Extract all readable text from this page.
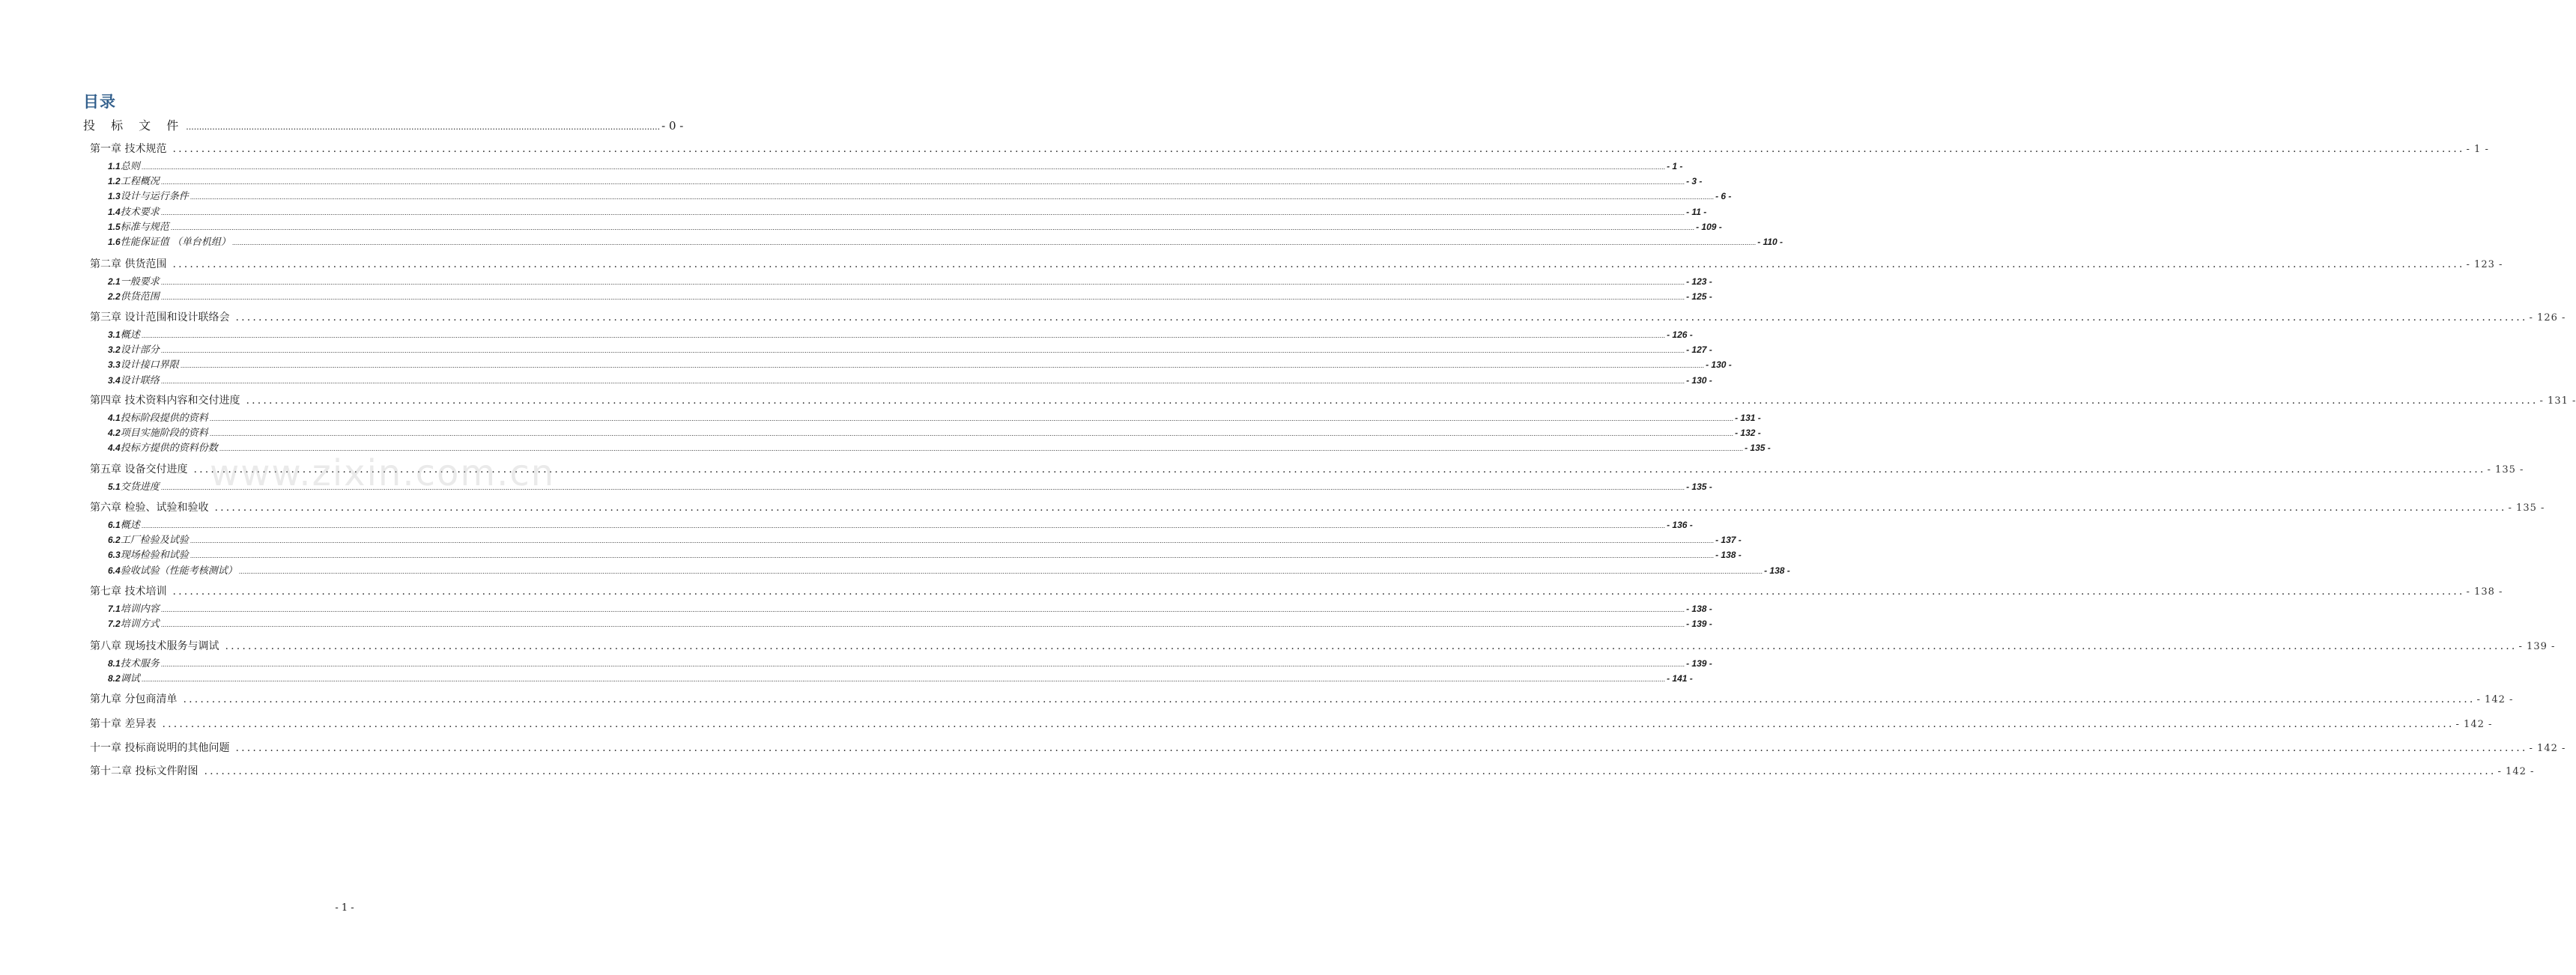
目录
投 标 文 件 ..................................................................................................................................................................................... - 0 -
第一章 技术规范 ................................................................................................................................................................................................................................................................................................................................................................................................................ - 1 -
1.1 总则 ................................................................................................................................................................................................................................................................................................................................................................................................................................................................................................................................................................................................................................................................................................................................................................................................................................ - 1 -
1.2 工程概况 ................................................................................................................................................................................................................................................................................................................................................................................................................................................................................................................................................................................................................................................................................................................................................................................................................................ - 3 -
1.3 设计与运行条件 ................................................................................................................................................................................................................................................................................................................................................................................................................................................................................................................................................................................................................................................................................................................................................................................................................................ - 6 -
1.4 技术要求 ................................................................................................................................................................................................................................................................................................................................................................................................................................................................................................................................................................................................................................................................................................................................................................................................................................ - 11 -
1.5 标准与规范 ................................................................................................................................................................................................................................................................................................................................................................................................................................................................................................................................................................................................................................................................................................................................................................................................................................ - 109 -
1.6 性能保证值 （单台机组） ................................................................................................................................................................................................................................................................................................................................................................................................................................................................................................................................................................................................................................................................................................................................................................................................................................ - 110 -
第二章 供货范围 ................................................................................................................................................................................................................................................................................................................................................................................................................ - 123 -
2.1 一般要求 ................................................................................................................................................................................................................................................................................................................................................................................................................................................................................................................................................................................................................................................................................................................................................................................................................................ - 123 -
2.2 供货范围 ................................................................................................................................................................................................................................................................................................................................................................................................................................................................................................................................................................................................................................................................................................................................................................................................................................ - 125 -
第三章 设计范围和设计联络会 ................................................................................................................................................................................................................................................................................................................................................................................................................ - 126 -
3.1 概述 ................................................................................................................................................................................................................................................................................................................................................................................................................................................................................................................................................................................................................................................................................................................................................................................................................................ - 126 -
3.2 设计部分 ................................................................................................................................................................................................................................................................................................................................................................................................................................................................................................................................................................................................................................................................................................................................................................................................................................ - 127 -
3.3 设计接口界限 ................................................................................................................................................................................................................................................................................................................................................................................................................................................................................................................................................................................................................................................................................................................................................................................................................................ - 130 -
3.4 设计联络 ................................................................................................................................................................................................................................................................................................................................................................................................................................................................................................................................................................................................................................................................................................................................................................................................................................ - 130 -
第四章 技术资料内容和交付进度 ................................................................................................................................................................................................................................................................................................................................................................................................................ - 131 -
4.1 投标阶段提供的资料 ................................................................................................................................................................................................................................................................................................................................................................................................................................................................................................................................................................................................................................................................................................................................................................................................................................ - 131 -
4.2 项目实施阶段的资料 ................................................................................................................................................................................................................................................................................................................................................................................................................................................................................................................................................................................................................................................................................................................................................................................................................................ - 132 -
4.4 投标方提供的资料份数 ................................................................................................................................................................................................................................................................................................................................................................................................................................................................................................................................................................................................................................................................................................................................................................................................................................ - 135 -
第五章 设备交付进度 ................................................................................................................................................................................................................................................................................................................................................................................................................ - 135 -
5.1 交货进度 ................................................................................................................................................................................................................................................................................................................................................................................................................................................................................................................................................................................................................................................................................................................................................................................................................................ - 135 -
第六章 检验、试验和验收 ................................................................................................................................................................................................................................................................................................................................................................................................................ - 135 -
6.1 概述 ................................................................................................................................................................................................................................................................................................................................................................................................................................................................................................................................................................................................................................................................................................................................................................................................................................ - 136 -
6.2 工厂检验及试验 ................................................................................................................................................................................................................................................................................................................................................................................................................................................................................................................................................................................................................................................................................................................................................................................................................................ - 137 -
6.3 现场检验和试验 ................................................................................................................................................................................................................................................................................................................................................................................................................................................................................................................................................................................................................................................................................................................................................................................................................................ - 138 -
6.4 验收试验（性能考核测试） ................................................................................................................................................................................................................................................................................................................................................................................................................................................................................................................................................................................................................................................................................................................................................................................................................................ - 138 -
第七章 技术培训 ................................................................................................................................................................................................................................................................................................................................................................................................................ - 138 -
7.1 培训内容 ................................................................................................................................................................................................................................................................................................................................................................................................................................................................................................................................................................................................................................................................................................................................................................................................................................ - 138 -
7.2 培训方式 ................................................................................................................................................................................................................................................................................................................................................................................................................................................................................................................................................................................................................................................................................................................................................................................................................................ - 139 -
第八章 现场技术服务与调试 ................................................................................................................................................................................................................................................................................................................................................................................................................ - 139 -
8.1 技术服务 ................................................................................................................................................................................................................................................................................................................................................................................................................................................................................................................................................................................................................................................................................................................................................................................................................................ - 139 -
8.2 调试 ................................................................................................................................................................................................................................................................................................................................................................................................................................................................................................................................................................................................................................................................................................................................................................................................................................ - 141 -
第九章 分包商清单 ................................................................................................................................................................................................................................................................................................................................................................................................................ - 142 -
第十章 差异表 ................................................................................................................................................................................................................................................................................................................................................................................................................ - 142 -
十一章 投标商说明的其他问题 ................................................................................................................................................................................................................................................................................................................................................................................................................ - 142 -
第十二章 投标文件附图 ................................................................................................................................................................................................................................................................................................................................................................................................................ - 142 -
www.zixin.com.cn
- 1 -
